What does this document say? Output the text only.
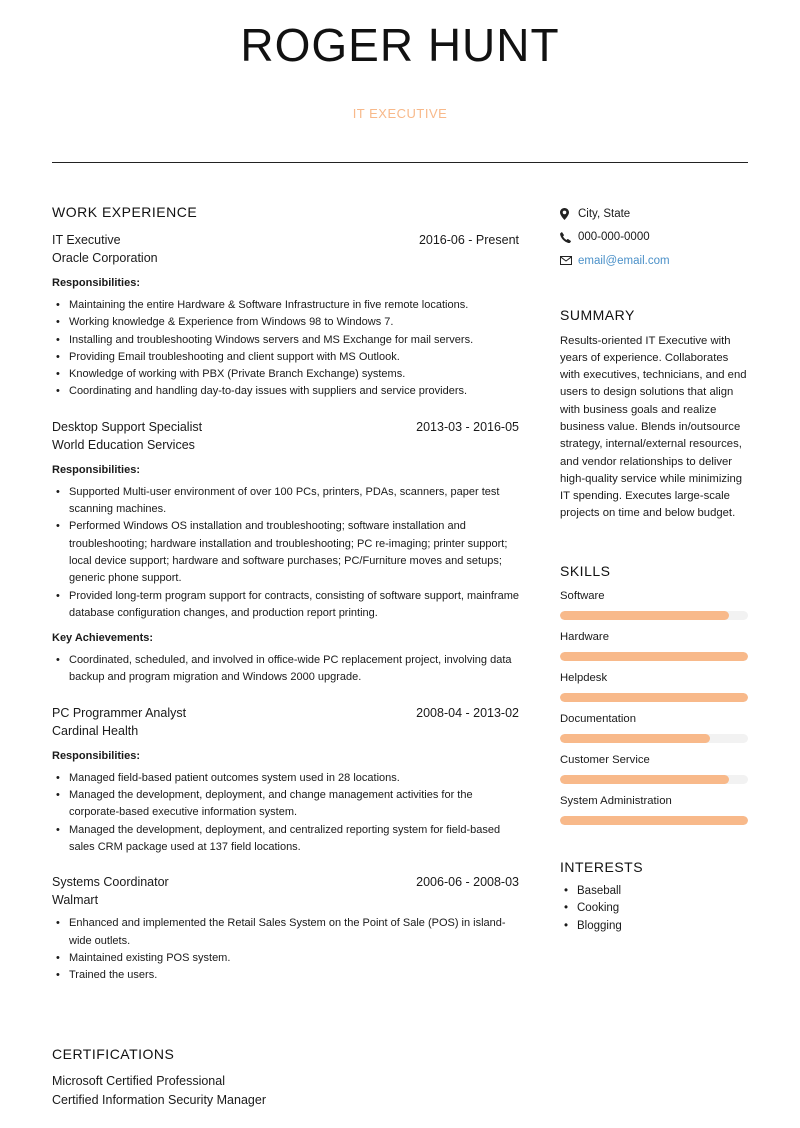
ROGER HUNT
IT EXECUTIVE
WORK EXPERIENCE
IT Executive	2016-06 - Present
Oracle Corporation
Responsibilities:
• Maintaining the entire Hardware & Software Infrastructure in five remote locations.
• Working knowledge & Experience from Windows 98 to Windows 7.
• Installing and troubleshooting Windows servers and MS Exchange for mail servers.
• Providing Email troubleshooting and client support with MS Outlook.
• Knowledge of working with PBX (Private Branch Exchange) systems.
• Coordinating and handling day-to-day issues with suppliers and service providers.
Desktop Support Specialist	2013-03 - 2016-05
World Education Services
Responsibilities:
• Supported Multi-user environment of over 100 PCs, printers, PDAs, scanners, paper test scanning machines.
• Performed Windows OS installation and troubleshooting; software installation and troubleshooting; hardware installation and troubleshooting; PC re-imaging; printer support; local device support; hardware and software purchases; PC/Furniture moves and setups; generic phone support.
• Provided long-term program support for contracts, consisting of software support, mainframe database configuration changes, and production report printing.
Key Achievements:
• Coordinated, scheduled, and involved in office-wide PC replacement project, involving data backup and program migration and Windows 2000 upgrade.
PC Programmer Analyst	2008-04 - 2013-02
Cardinal Health
Responsibilities:
• Managed field-based patient outcomes system used in 28 locations.
• Managed the development, deployment, and change management activities for the corporate-based executive information system.
• Managed the development, deployment, and centralized reporting system for field-based sales CRM package used at 137 field locations.
Systems Coordinator	2006-06 - 2008-03
Walmart
• Enhanced and implemented the Retail Sales System on the Point of Sale (POS) in island-wide outlets.
• Maintained existing POS system.
• Trained the users.
CERTIFICATIONS
Microsoft Certified Professional
Certified Information Security Manager
City, State
000-000-0000
email@email.com
SUMMARY
Results-oriented IT Executive with years of experience. Collaborates with executives, technicians, and end users to design solutions that align with business goals and realize business value. Blends in/outsource strategy, internal/external resources, and vendor relationships to deliver high-quality service while minimizing IT spending. Executes large-scale projects on time and below budget.
SKILLS
Software
Hardware
Helpdesk
Documentation
Customer Service
System Administration
INTERESTS
• Baseball
• Cooking
• Blogging
